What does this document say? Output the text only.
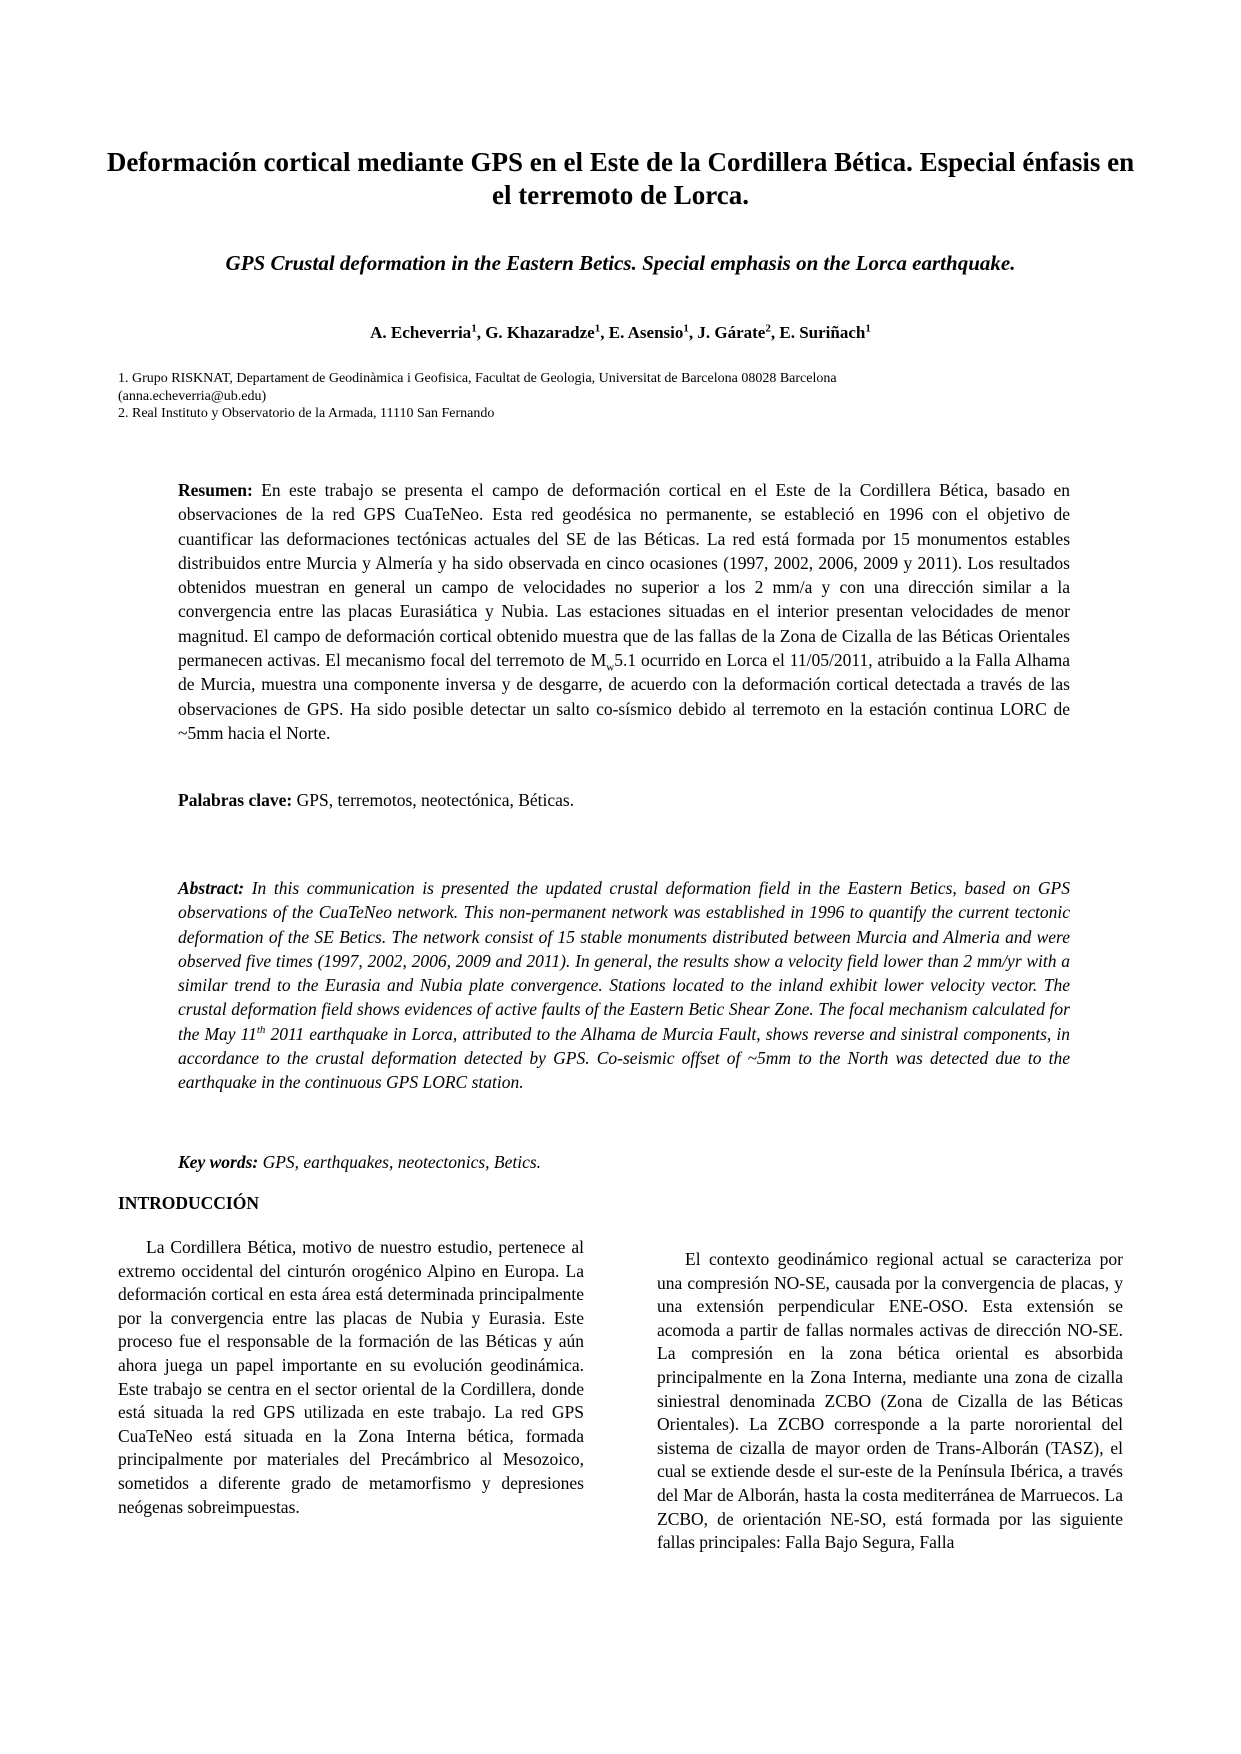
Deformación cortical mediante GPS en el Este de la Cordillera Bética. Especial énfasis en el terremoto de Lorca.
GPS Crustal deformation in the Eastern Betics. Special emphasis on the Lorca earthquake.
A. Echeverria$^1$, G. Khazaradze$^1$, E. Asensio$^1$, J. Gárate$^2$, E. Suriñach$^1$
1. Grupo RISKNAT, Departament de Geodinàmica i Geofisica, Facultat de Geologia, Universitat de Barcelona 08028 Barcelona
(anna.echeverria@ub.edu)
2. Real Instituto y Observatorio de la Armada, 11110 San Fernando
Resumen: En este trabajo se presenta el campo de deformación cortical en el Este de la Cordillera Bética, basado en observaciones de la red GPS CuaTeNeo. Esta red geodésica no permanente, se estableció en 1996 con el objetivo de cuantificar las deformaciones tectónicas actuales del SE de las Béticas. La red está formada por 15 monumentos estables distribuidos entre Murcia y Almería y ha sido observada en cinco ocasiones (1997, 2002, 2006, 2009 y 2011). Los resultados obtenidos muestran en general un campo de velocidades no superior a los 2 mm/a y con una dirección similar a la convergencia entre las placas Eurasiática y Nubia. Las estaciones situadas en el interior presentan velocidades de menor magnitud. El campo de deformación cortical obtenido muestra que de las fallas de la Zona de Cizalla de las Béticas Orientales permanecen activas. El mecanismo focal del terremoto de $M_w5.1$ ocurrido en Lorca el 11/05/2011, atribuido a la Falla Alhama de Murcia, muestra una componente inversa y de desgarre, de acuerdo con la deformación cortical detectada a través de las observaciones de GPS. Ha sido posible detectar un salto co-sísmico debido al terremoto en la estación continua LORC de ~5mm hacia el Norte.
Palabras clave: GPS, terremotos, neotectónica, Béticas.
Abstract: In this communication is presented the updated crustal deformation field in the Eastern Betics, based on GPS observations of the CuaTeNeo network. This non-permanent network was established in 1996 to quantify the current tectonic deformation of the SE Betics. The network consist of 15 stable monuments distributed between Murcia and Almeria and were observed five times (1997, 2002, 2006, 2009 and 2011). In general, the results show a velocity field lower than 2 mm/yr with a similar trend to the Eurasia and Nubia plate convergence. Stations located to the inland exhibit lower velocity vector. The crustal deformation field shows evidences of active faults of the Eastern Betic Shear Zone. The focal mechanism calculated for the May 11th 2011 earthquake in Lorca, attributed to the Alhama de Murcia Fault, shows reverse and sinistral components, in accordance to the crustal deformation detected by GPS. Co-seismic offset of ~5mm to the North was detected due to the earthquake in the continuous GPS LORC station.
Key words: GPS, earthquakes, neotectonics, Betics.
INTRODUCCIÓN

La Cordillera Bética, motivo de nuestro estudio, pertenece al extremo occidental del cinturón orogénico Alpino en Europa. La deformación cortical en esta área está determinada principalmente por la convergencia entre las placas de Nubia y Eurasia. Este proceso fue el responsable de la formación de las Béticas y aún ahora juega un papel importante en su evolución geodinámica. Este trabajo se centra en el sector oriental de la Cordillera, donde está situada la red GPS utilizada en este trabajo. La red GPS CuaTeNeo está situada en la Zona Interna bética, formada principalmente por materiales del Precámbrico al Mesozoico, sometidos a diferente grado de metamorfismo y depresiones neógenas sobreimpuestas.

El contexto geodinámico regional actual se caracteriza por una compresión NO-SE, causada por la convergencia de placas, y una extensión perpendicular ENE-OSO. Esta extensión se acomoda a partir de fallas normales activas de dirección NO-SE. La compresión en la zona bética oriental es absorbida principalmente en la Zona Interna, mediante una zona de cizalla siniestral denominada ZCBO (Zona de Cizalla de las Béticas Orientales). La ZCBO corresponde a la parte nororiental del sistema de cizalla de mayor orden de Trans-Alborán (TASZ), el cual se extiende desde el sur-este de la Península Ibérica, a través del Mar de Alborán, hasta la costa mediterránea de Marruecos. La ZCBO, de orientación NE-SO, está formada por las siguiente fallas principales: Falla Bajo Segura, Falla
